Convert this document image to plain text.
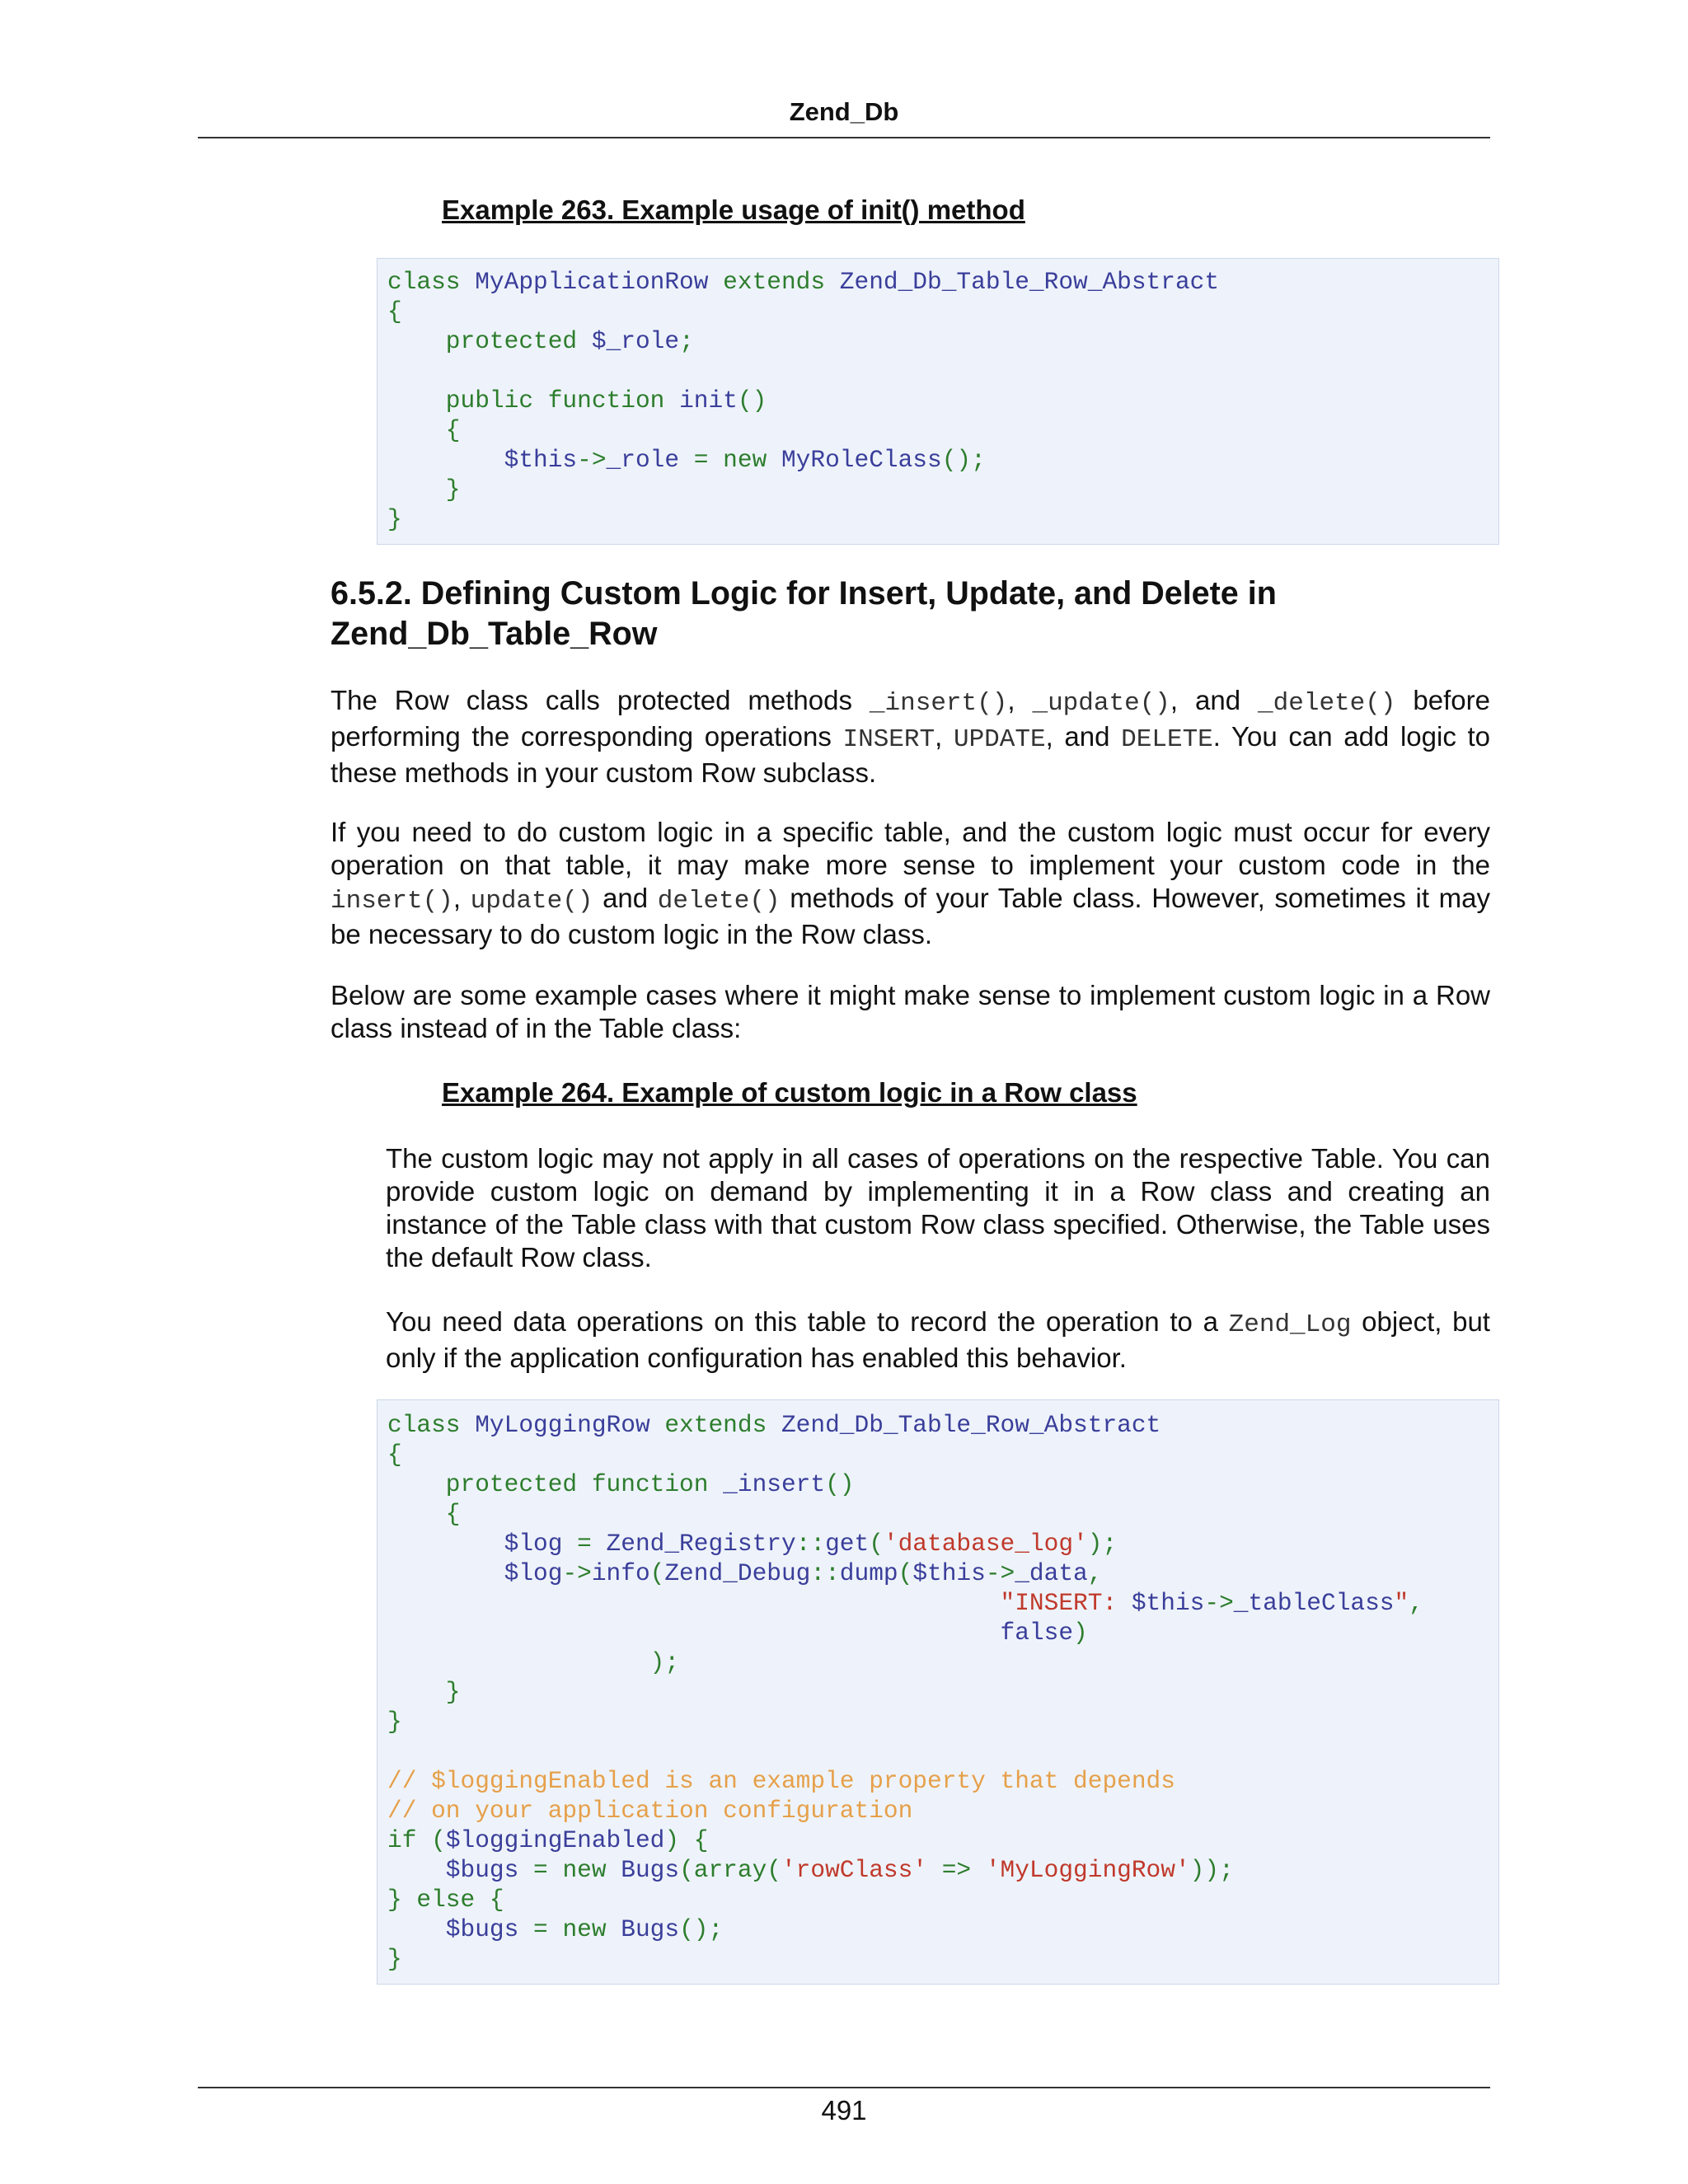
Zend_Db
Example 263. Example usage of init() method
class MyApplicationRow extends Zend_Db_Table_Row_Abstract
{
protected $_role;

public function init()
{
$this->_role = new MyRoleClass();
}
}
6.5.2. Defining Custom Logic for Insert, Update, and Delete in Zend_Db_Table_Row

The Row class calls protected methods _insert(), _update(), and _delete() before performing the corresponding operations INSERT, UPDATE, and DELETE. You can add logic to these methods in your custom Row subclass.

If you need to do custom logic in a specific table, and the custom logic must occur for every operation on that table, it may make more sense to implement your custom code in the insert(), update() and delete() methods of your Table class. However, sometimes it may be necessary to do custom logic in the Row class.

Below are some example cases where it might make sense to implement custom logic in a Row class instead of in the Table class:

Example 264. Example of custom logic in a Row class

The custom logic may not apply in all cases of operations on the respective Table. You can provide custom logic on demand by implementing it in a Row class and creating an instance of the Table class with that custom Row class specified. Otherwise, the Table uses the default Row class.

You need data operations on this table to record the operation to a Zend_Log object, but only if the application configuration has enabled this behavior.

class MyLoggingRow extends Zend_Db_Table_Row_Abstract
{
protected function _insert()
{
$log = Zend_Registry::get('database_log');
$log->info(Zend_Debug::dump($this->_data,
"INSERT: $this->_tableClass",
false)
);
}
}

// $loggingEnabled is an example property that depends
// on your application configuration
if ($loggingEnabled) {
$bugs = new Bugs(array('rowClass' => 'MyLoggingRow'));
} else {
$bugs = new Bugs();
}
491
